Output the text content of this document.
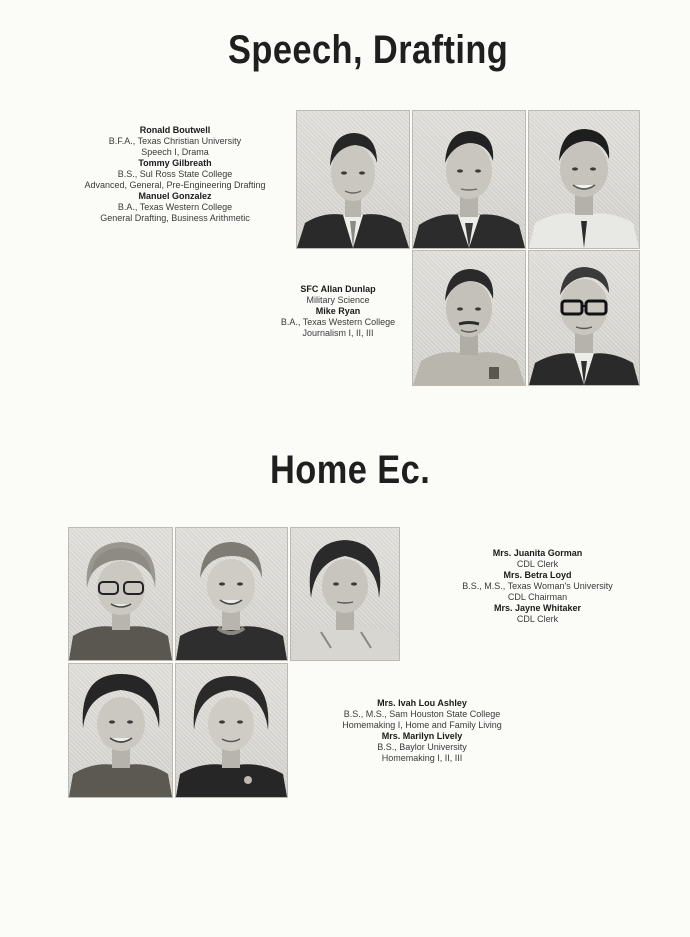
Speech, Drafting
Home Ec.
Ronald Boutwell
B.F.A., Texas Christian University
Speech I, Drama
Tommy Gilbreath
B.S., Sul Ross State College
Advanced, General, Pre-Engineering Drafting
Manuel Gonzalez
B.A., Texas Western College
General Drafting, Business Arithmetic
SFC Allan Dunlap
Military Science
Mike Ryan
B.A., Texas Western College
Journalism I, II, III
Mrs. Juanita Gorman
CDL Clerk
Mrs. Betra Loyd
B.S., M.S., Texas Woman's University
CDL Chairman
Mrs. Jayne Whitaker
CDL Clerk
Mrs. Ivah Lou Ashley
B.S., M.S., Sam Houston State College
Homemaking I, Home and Family Living
Mrs. Marilyn Lively
B.S., Baylor University
Homemaking I, II, III
